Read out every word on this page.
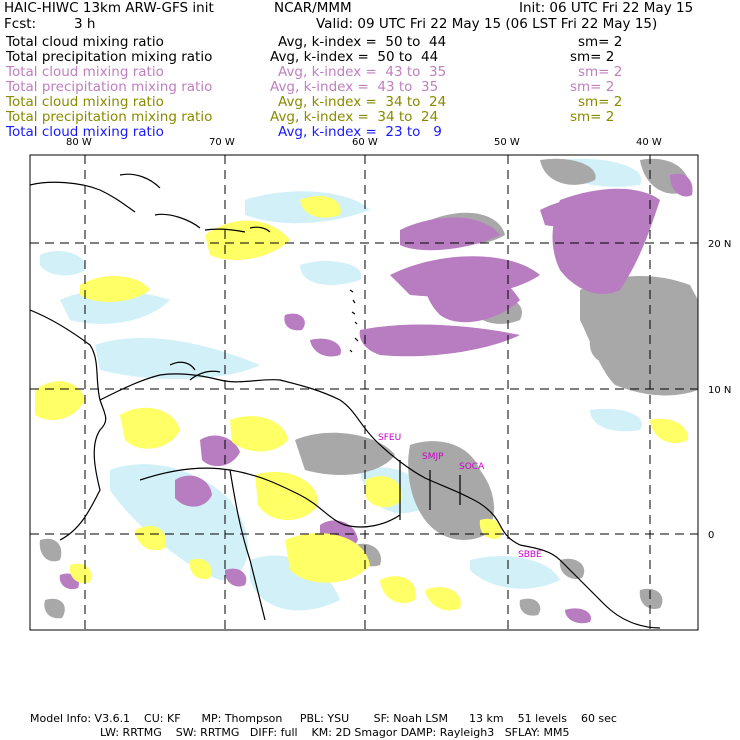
HAIC-HIWC 13km ARW-GFS init	NCAR/MMM	Init: 06 UTC Fri 22 May 15
Fcst:	3 h	Valid: 09 UTC Fri 22 May 15 (06 LST Fri 22 May 15)
Total cloud mixing ratio	Avg, k-index =  50 to  44	sm= 2
Total precipitation mixing ratio	Avg, k-index =  50 to  44	sm= 2
Total cloud mixing ratio	Avg, k-index =  43 to  35	sm= 2
Total precipitation mixing ratio	Avg, k-index =  43 to  35	sm= 2
Total cloud mixing ratio	Avg, k-index =  34 to  24	sm= 2
Total precipitation mixing ratio	Avg, k-index =  34 to  24	sm= 2
Total cloud mixing ratio	Avg, k-index =  23 to   9
80 W	70 W	60 W	50 W	40 W
20 N
10 N
0
SFEU
SMJP
SOCA
SBBE
Model Info: V3.6.1    CU: KF      MP: Thompson     PBL: YSU       SF: Noah LSM      13 km    51 levels    60 sec
LW: RRTMG    SW: RRTMG   DIFF: full    KM: 2D Smagor DAMP: Rayleigh3   SFLAY: MM5
